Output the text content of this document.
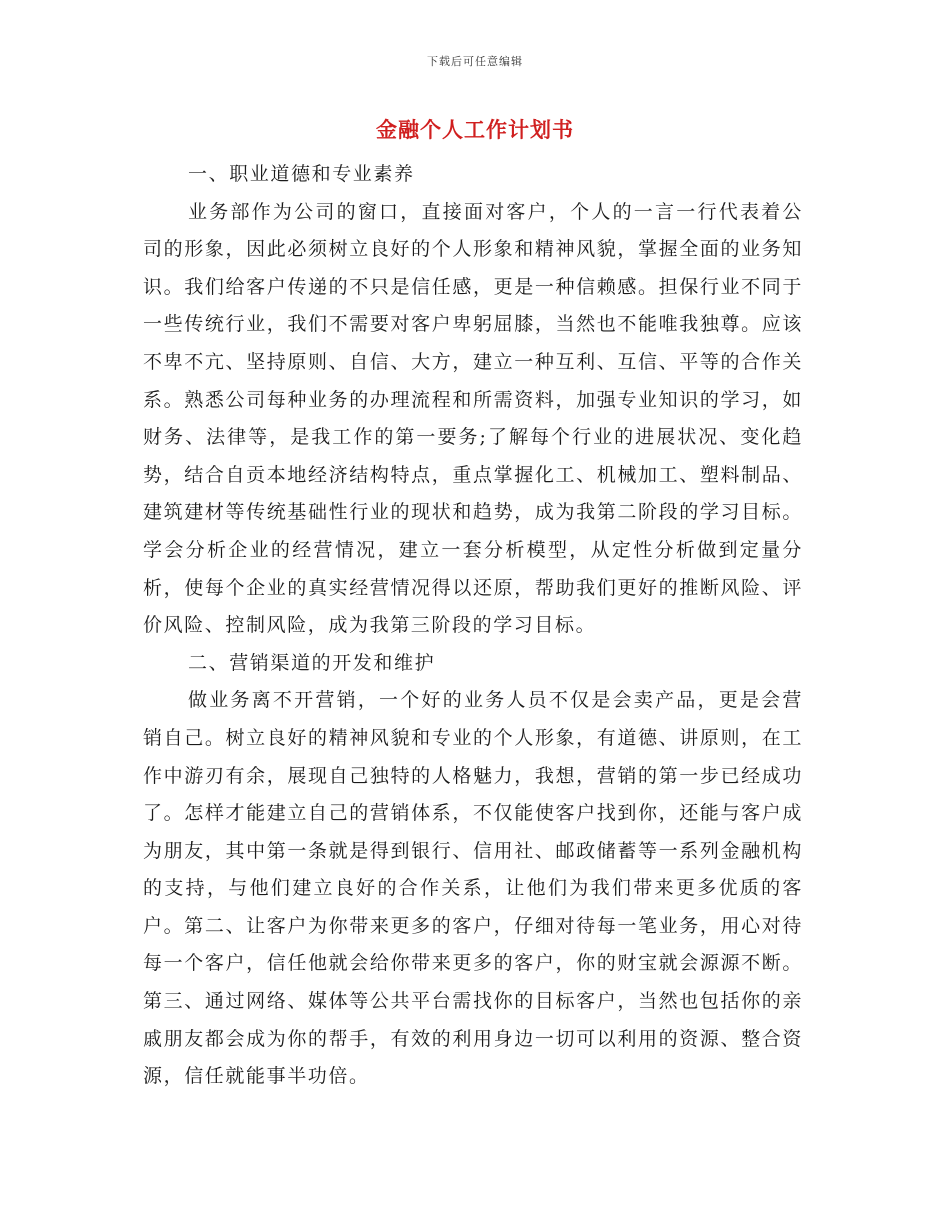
下载后可任意编辑
金融个人工作计划书

一、职业道德和专业素养

业务部作为公司的窗口，直接面对客户，个人的一言一行代表着公司的形象，因此必须树立良好的个人形象和精神风貌，掌握全面的业务知识。我们给客户传递的不只是信任感，更是一种信赖感。担保行业不同于一些传统行业，我们不需要对客户卑躬屈膝，当然也不能唯我独尊。应该不卑不亢、坚持原则、自信、大方，建立一种互利、互信、平等的合作关系。熟悉公司每种业务的办理流程和所需资料，加强专业知识的学习，如财务、法律等，是我工作的第一要务;了解每个行业的进展状况、变化趋势，结合自贡本地经济结构特点，重点掌握化工、机械加工、塑料制品、建筑建材等传统基础性行业的现状和趋势，成为我第二阶段的学习目标。学会分析企业的经营情况，建立一套分析模型，从定性分析做到定量分析，使每个企业的真实经营情况得以还原，帮助我们更好的推断风险、评价风险、控制风险，成为我第三阶段的学习目标。

二、营销渠道的开发和维护

做业务离不开营销，一个好的业务人员不仅是会卖产品，更是会营销自己。树立良好的精神风貌和专业的个人形象，有道德、讲原则，在工作中游刃有余，展现自己独特的人格魅力，我想，营销的第一步已经成功了。怎样才能建立自己的营销体系，不仅能使客户找到你，还能与客户成为朋友，其中第一条就是得到银行、信用社、邮政储蓄等一系列金融机构的支持，与他们建立良好的合作关系，让他们为我们带来更多优质的客户。第二、让客户为你带来更多的客户，仔细对待每一笔业务，用心对待每一个客户，信任他就会给你带来更多的客户，你的财宝就会源源不断。第三、通过网络、媒体等公共平台需找你的目标客户，当然也包括你的亲戚朋友都会成为你的帮手，有效的利用身边一切可以利用的资源、整合资源，信任就能事半功倍。
